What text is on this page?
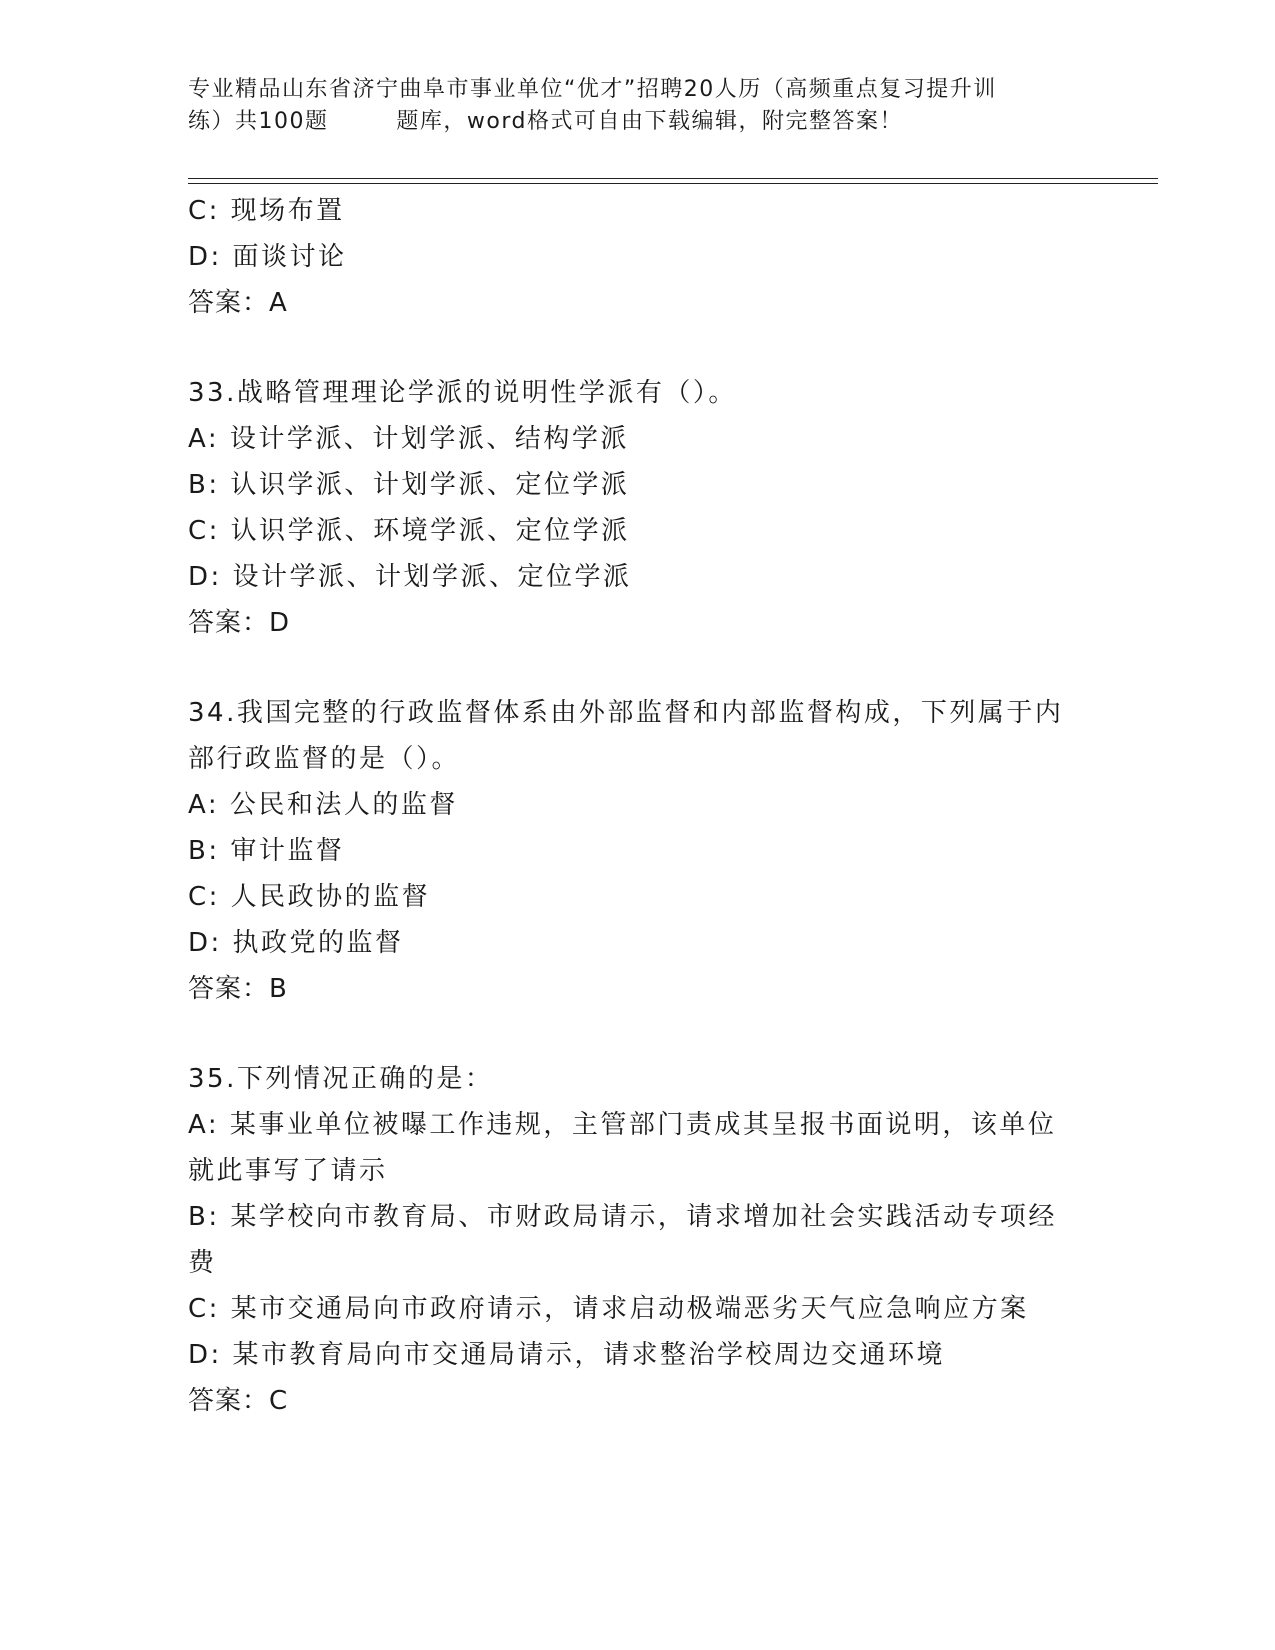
专业精品山东省济宁曲阜市事业单位“优才”招聘20人历（高频重点复习提升训
练）共100题        题库，word格式可自由下载编辑，附完整答案！
C: 现场布置
D: 面谈讨论
答案：A
33.战略管理理论学派的说明性学派有（）。
A: 设计学派、计划学派、结构学派
B: 认识学派、计划学派、定位学派
C: 认识学派、环境学派、定位学派
D: 设计学派、计划学派、定位学派
答案：D
34.我国完整的行政监督体系由外部监督和内部监督构成，下列属于内
部行政监督的是（）。
A: 公民和法人的监督
B: 审计监督
C: 人民政协的监督
D: 执政党的监督
答案：B
35.下列情况正确的是：
A: 某事业单位被曝工作违规，主管部门责成其呈报书面说明，该单位
就此事写了请示
B: 某学校向市教育局、市财政局请示，请求增加社会实践活动专项经
费
C: 某市交通局向市政府请示，请求启动极端恶劣天气应急响应方案
D: 某市教育局向市交通局请示，请求整治学校周边交通环境
答案：C
